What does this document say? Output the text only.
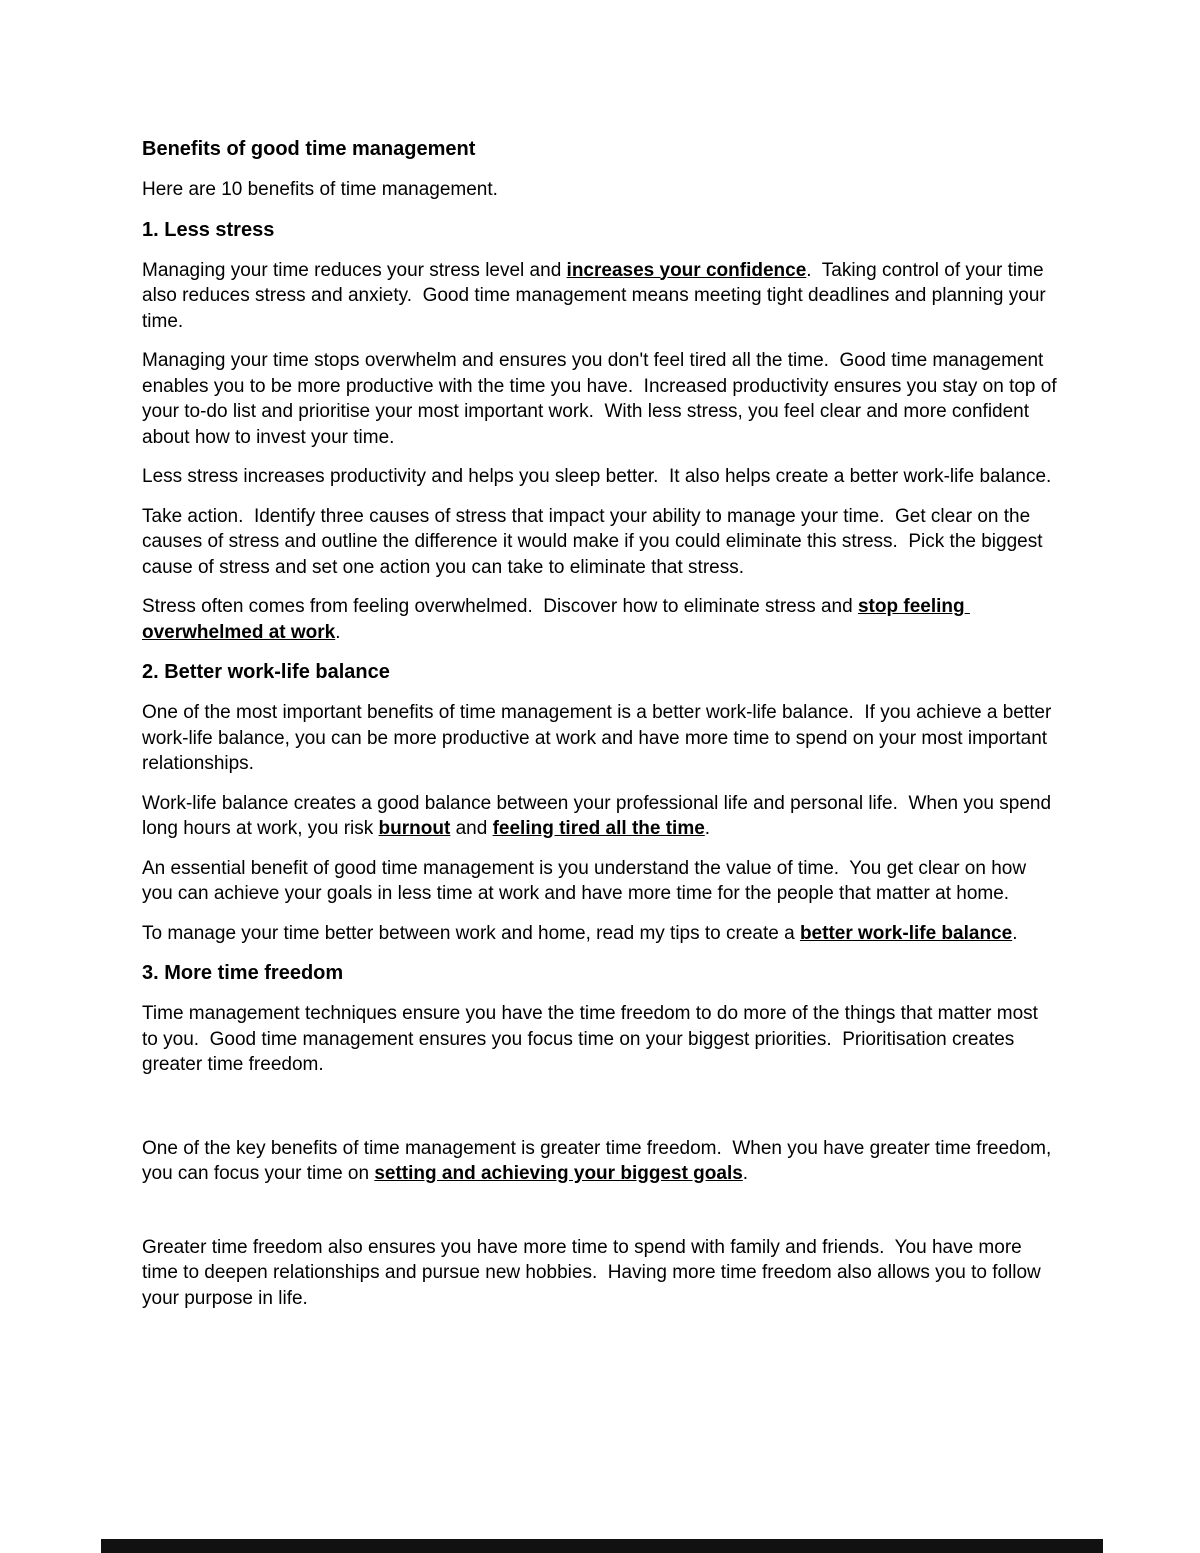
Benefits of good time management

Here are 10 benefits of time management.

1. Less stress

Managing your time reduces your stress level and increases your confidence.  Taking control of your time also reduces stress and anxiety.  Good time management means meeting tight deadlines and planning your time.

Managing your time stops overwhelm and ensures you don't feel tired all the time.  Good time management enables you to be more productive with the time you have.  Increased productivity ensures you stay on top of your to-do list and prioritise your most important work.  With less stress, you feel clear and more confident about how to invest your time.

Less stress increases productivity and helps you sleep better.  It also helps create a better work-life balance.

Take action.  Identify three causes of stress that impact your ability to manage your time.  Get clear on the causes of stress and outline the difference it would make if you could eliminate this stress.  Pick the biggest cause of stress and set one action you can take to eliminate that stress.

Stress often comes from feeling overwhelmed.  Discover how to eliminate stress and stop feeling overwhelmed at work.

2. Better work-life balance

One of the most important benefits of time management is a better work-life balance.  If you achieve a better work-life balance, you can be more productive at work and have more time to spend on your most important relationships.

Work-life balance creates a good balance between your professional life and personal life.  When you spend long hours at work, you risk burnout and feeling tired all the time.

An essential benefit of good time management is you understand the value of time.  You get clear on how you can achieve your goals in less time at work and have more time for the people that matter at home.

To manage your time better between work and home, read my tips to create a better work-life balance.

3. More time freedom

Time management techniques ensure you have the time freedom to do more of the things that matter most to you.  Good time management ensures you focus time on your biggest priorities.  Prioritisation creates greater time freedom.

One of the key benefits of time management is greater time freedom.  When you have greater time freedom, you can focus your time on setting and achieving your biggest goals.

Greater time freedom also ensures you have more time to spend with family and friends.  You have more time to deepen relationships and pursue new hobbies.  Having more time freedom also allows you to follow your purpose in life.
